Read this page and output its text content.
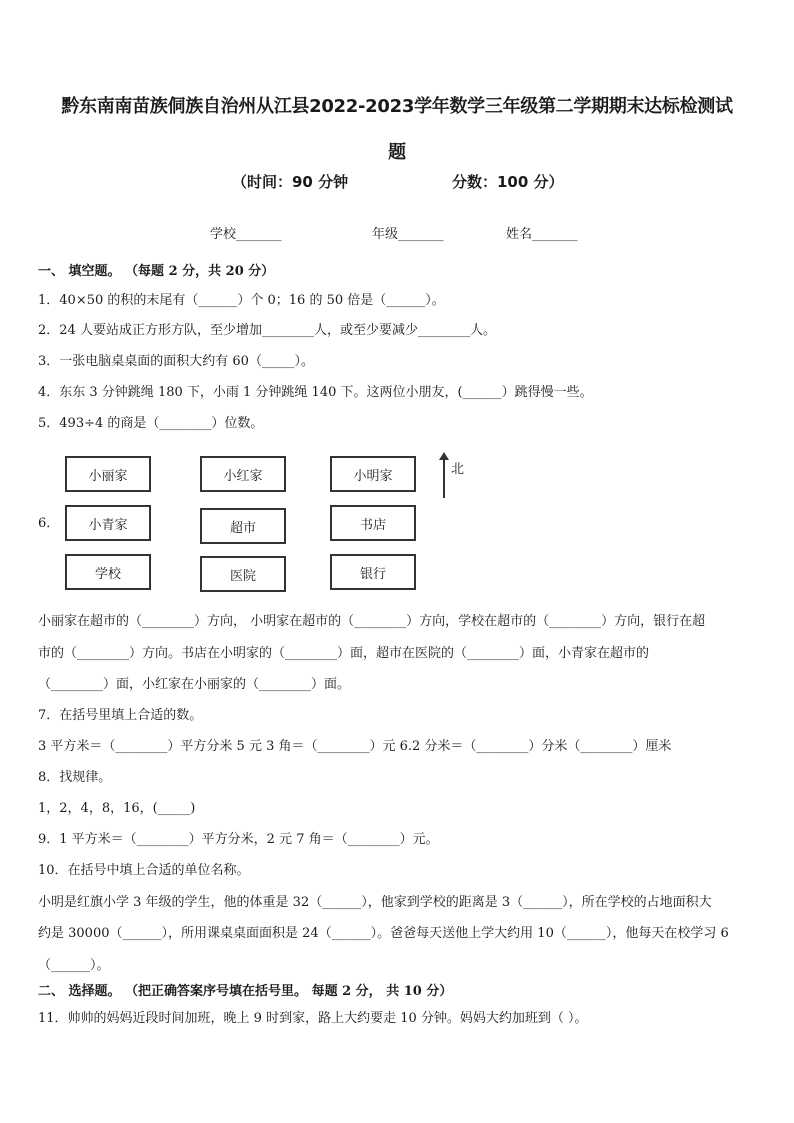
黔东南南苗族侗族自治州从江县2022-2023学年数学三年级第二学期期末达标检测试
题
（时间：90 分钟	分数：100 分）
学校_______	年级_______	姓名_______
一、 填空题。 （每题 2 分，共 20 分）
1．40×50 的积的末尾有（______）个 0；16 的 50 倍是（______）。
2．24 人要站成正方形方队，至少增加________人，或至少要减少________人。
3．一张电脑桌桌面的面积大约有 60（_____）。
4．东东 3 分钟跳绳 180 下，小雨 1 分钟跳绳 140 下。这两位小朋友，(______）跳得慢一些。
5．493÷4 的商是（________）位数。
6．
小丽家	小红家	小明家
小青家	超市	书店
学校	医院	银行
北
小丽家在超市的（________）方向， 小明家在超市的（________）方向，学校在超市的（________）方向，银行在超
市的（________）方向。书店在小明家的（________）面，超市在医院的（________）面，小青家在超市的
（________）面，小红家在小丽家的（________）面。
7．在括号里填上合适的数。
3 平方米＝（________）平方分米 5 元 3 角＝（________）元 6.2 分米＝（________）分米（________）厘米
8．找规律。
1，2，4，8，16，(_____)
9．1 平方米＝（________）平方分米，2 元 7 角＝（________）元。
10．在括号中填上合适的单位名称。
小明是红旗小学 3 年级的学生，他的体重是 32（______），他家到学校的距离是 3（______），所在学校的占地面积大
约是 30000（______），所用课桌桌面面积是 24（______）。爸爸每天送他上学大约用 10（______），他每天在校学习 6
（______）。
二、 选择题。 （把正确答案序号填在括号里。 每题 2 分， 共 10 分）
11．帅帅的妈妈近段时间加班，晚上 9 时到家，路上大约要走 10 分钟。妈妈大约加班到（ ）。
